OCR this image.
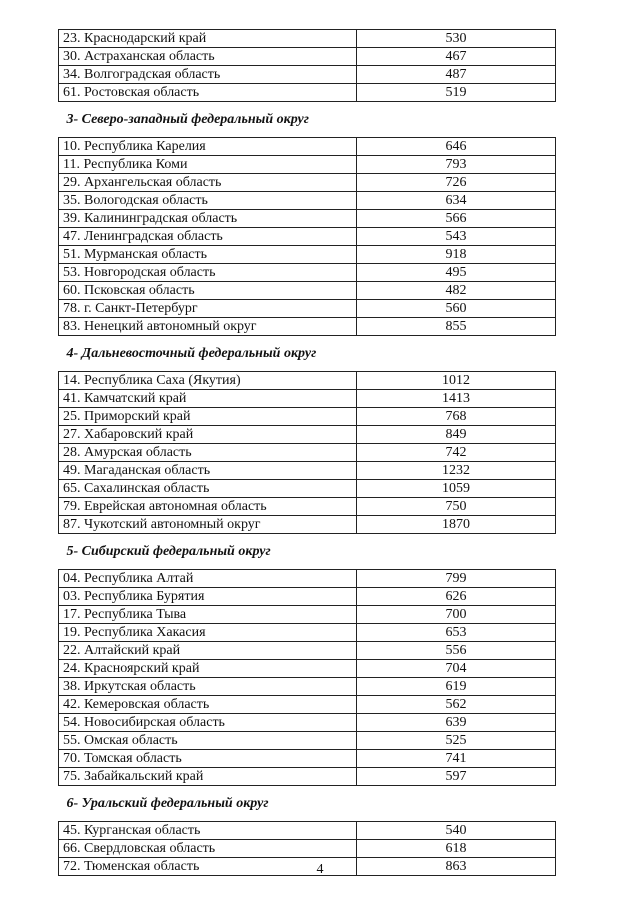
23. Краснодарский край	530
30. Астраханская область	467
34. Волгоградская область	487
61. Ростовская область	519
3- Северо-западный федеральный округ	
10. Республика Карелия	646
11. Республика Коми	793
29. Архангельская область	726
35. Вологодская область	634
39. Калининградская область	566
47. Ленинградская область	543
51. Мурманская область	918
53. Новгородская область	495
60. Псковская область	482
78. г. Санкт-Петербург	560
83. Ненецкий автономный округ	855
4- Дальневосточный федеральный округ	
14. Республика Саха (Якутия)	1012
41. Камчатский край	1413
25. Приморский край	768
27. Хабаровский край	849
28. Амурская область	742
49. Магаданская область	1232
65. Сахалинская область	1059
79. Еврейская автономная область	750
87. Чукотский автономный округ	1870
5- Сибирский федеральный округ	
04. Республика Алтай	799
03. Республика Бурятия	626
17. Республика Тыва	700
19. Республика Хакасия	653
22. Алтайский край	556
24. Красноярский край	704
38. Иркутская область	619
42. Кемеровская область	562
54. Новосибирская область	639
55. Омская область	525
70. Томская область	741
75. Забайкальский край	597
6- Уральский федеральный округ	
45. Курганская область	540
66. Свердловская область	618
72. Тюменская область	863
4
